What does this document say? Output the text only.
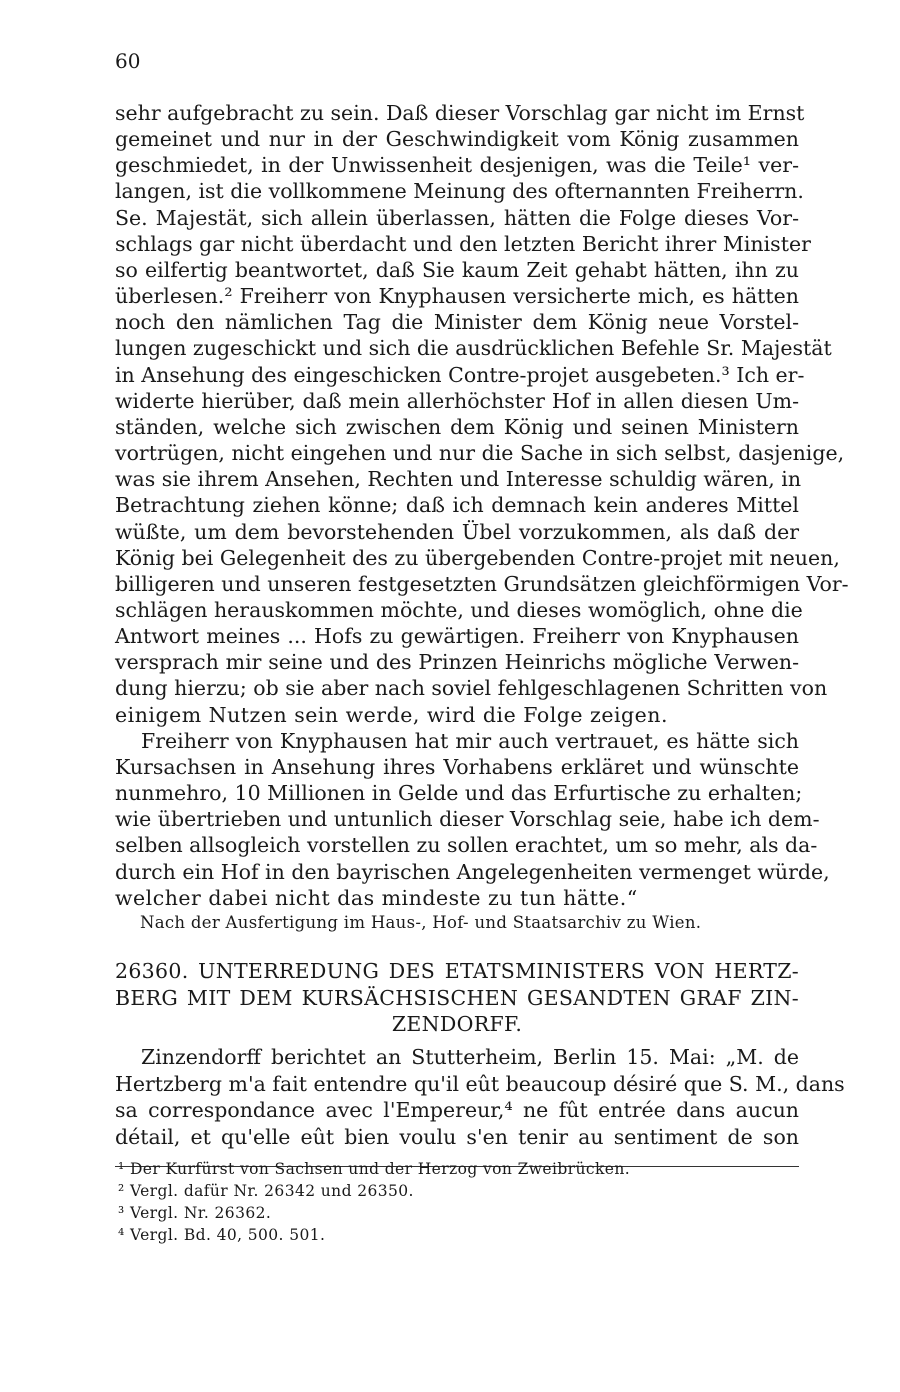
60

sehr aufgebracht zu sein. Daß dieser Vorschlag gar nicht im Ernst
gemeinet und nur in der Geschwindigkeit vom König zusammen
geschmiedet, in der Unwissenheit desjenigen, was die Teile¹ ver-
langen, ist die vollkommene Meinung des ofternannten Freiherrn.
Se. Majestät, sich allein überlassen, hätten die Folge dieses Vor-
schlags gar nicht überdacht und den letzten Bericht ihrer Minister
so eilfertig beantwortet, daß Sie kaum Zeit gehabt hätten, ihn zu
überlesen.² Freiherr von Knyphausen versicherte mich, es hätten
noch den nämlichen Tag die Minister dem König neue Vorstel-
lungen zugeschickt und sich die ausdrücklichen Befehle Sr. Majestät
in Ansehung des eingeschicken Contre-projet ausgebeten.³ Ich er-
widerte hierüber, daß mein allerhöchster Hof in allen diesen Um-
ständen, welche sich zwischen dem König und seinen Ministern
vortrügen, nicht eingehen und nur die Sache in sich selbst, dasjenige,
was sie ihrem Ansehen, Rechten und Interesse schuldig wären, in
Betrachtung ziehen könne; daß ich demnach kein anderes Mittel
wüßte, um dem bevorstehenden Übel vorzukommen, als daß der
König bei Gelegenheit des zu übergebenden Contre-projet mit neuen,
billigeren und unseren festgesetzten Grundsätzen gleichförmigen Vor-
schlägen herauskommen möchte, und dieses womöglich, ohne die
Antwort meines ... Hofs zu gewärtigen. Freiherr von Knyphausen
versprach mir seine und des Prinzen Heinrichs mögliche Verwen-
dung hierzu; ob sie aber nach soviel fehlgeschlagenen Schritten von
einigem Nutzen sein werde, wird die Folge zeigen.
Freiherr von Knyphausen hat mir auch vertrauet, es hätte sich
Kursachsen in Ansehung ihres Vorhabens erkläret und wünschte
nunmehro, 10 Millionen in Gelde und das Erfurtische zu erhalten;
wie übertrieben und untunlich dieser Vorschlag seie, habe ich dem-
selben allsogleich vorstellen zu sollen erachtet, um so mehr, als da-
durch ein Hof in den bayrischen Angelegenheiten vermenget würde,
welcher dabei nicht das mindeste zu tun hätte.“

Nach der Ausfertigung im Haus-, Hof- und Staatsarchiv zu Wien.

26360. UNTERREDUNG DES ETATSMINISTERS VON HERTZ-
BERG MIT DEM KURSÄCHSISCHEN GESANDTEN GRAF ZIN-
ZENDORFF.
Zinzendorff berichtet an Stutterheim, Berlin 15. Mai: „M. de
Hertzberg m'a fait entendre qu'il eût beaucoup désiré que S. M., dans
sa correspondance avec l'Empereur,⁴ ne fût entrée dans aucun
détail, et qu'elle eût bien voulu s'en tenir au sentiment de son
¹ Der Kurfürst von Sachsen und der Herzog von Zweibrücken.
² Vergl. dafür Nr. 26342 und 26350.
³ Vergl. Nr. 26362.
⁴ Vergl. Bd. 40, 500. 501.
